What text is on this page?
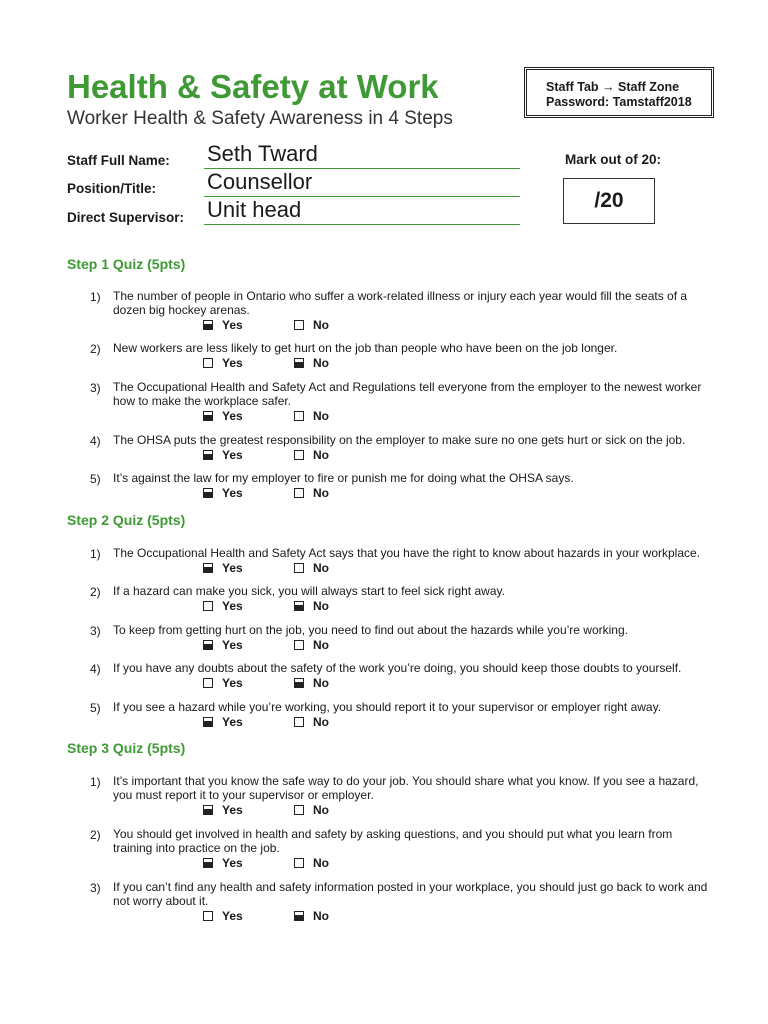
Health & Safety at Work
Worker Health & Safety Awareness in 4 Steps
Staff Tab → Staff Zone
Password: Tamstaff2018
Staff Full Name: Seth Tward
Position/Title: Counsellor
Direct Supervisor: Unit head
Mark out of 20:
/20
Step 1 Quiz (5pts)
1) The number of people in Ontario who suffer a work-related illness or injury each year would fill the seats of a dozen big hockey arenas.
Yes	No
2) New workers are less likely to get hurt on the job than people who have been on the job longer.
Yes	No
3) The Occupational Health and Safety Act and Regulations tell everyone from the employer to the newest worker how to make the workplace safer.
Yes	No
4) The OHSA puts the greatest responsibility on the employer to make sure no one gets hurt or sick on the job.
Yes	No
5) It’s against the law for my employer to fire or punish me for doing what the OHSA says.
Yes	No
Step 2 Quiz (5pts)
1) The Occupational Health and Safety Act says that you have the right to know about hazards in your workplace.
Yes	No
2) If a hazard can make you sick, you will always start to feel sick right away.
Yes	No
3) To keep from getting hurt on the job, you need to find out about the hazards while you’re working.
Yes	No
4) If you have any doubts about the safety of the work you’re doing, you should keep those doubts to yourself.
Yes	No
5) If you see a hazard while you’re working, you should report it to your supervisor or employer right away.
Yes	No
Step 3 Quiz (5pts)
1) It’s important that you know the safe way to do your job. You should share what you know. If you see a hazard, you must report it to your supervisor or employer.
Yes	No
2) You should get involved in health and safety by asking questions, and you should put what you learn from training into practice on the job.
Yes	No
3) If you can’t find any health and safety information posted in your workplace, you should just go back to work and not worry about it.
Yes	No
